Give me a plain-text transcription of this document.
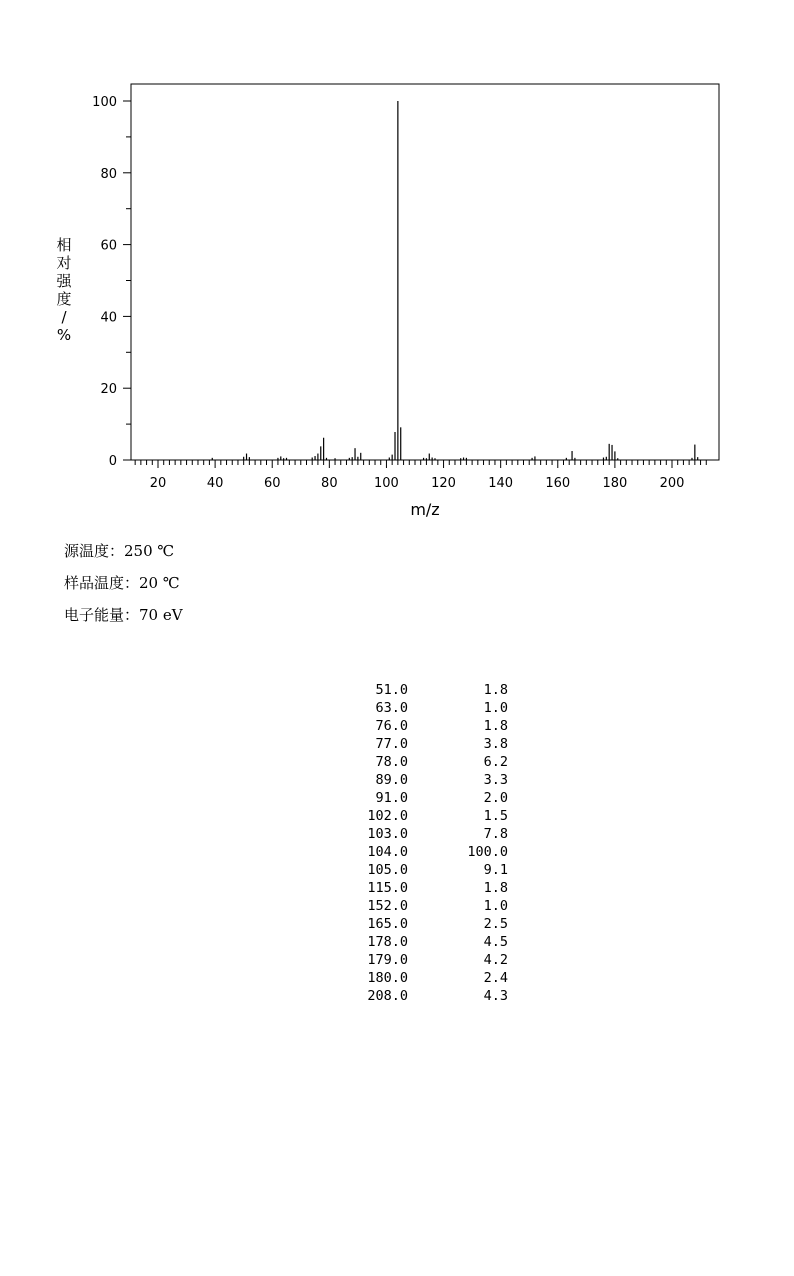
20	40	60	80	100 120 140 160 180 200
0
20
40
60
80
100
m/z
相对强度/ %
源温度：250 ℃
样品温度：20 ℃
电子能量：70 eV
51.0	1.8
63.0	1.0
76.0	1.8
77.0	3.8
78.0	6.2
89.0	3.3
91.0	2.0
102.0	1.5
103.0	7.8
104.0	100.0
105.0	9.1
115.0	1.8
152.0	1.0
165.0	2.5
178.0	4.5
179.0	4.2
180.0	2.4
208.0	4.3
